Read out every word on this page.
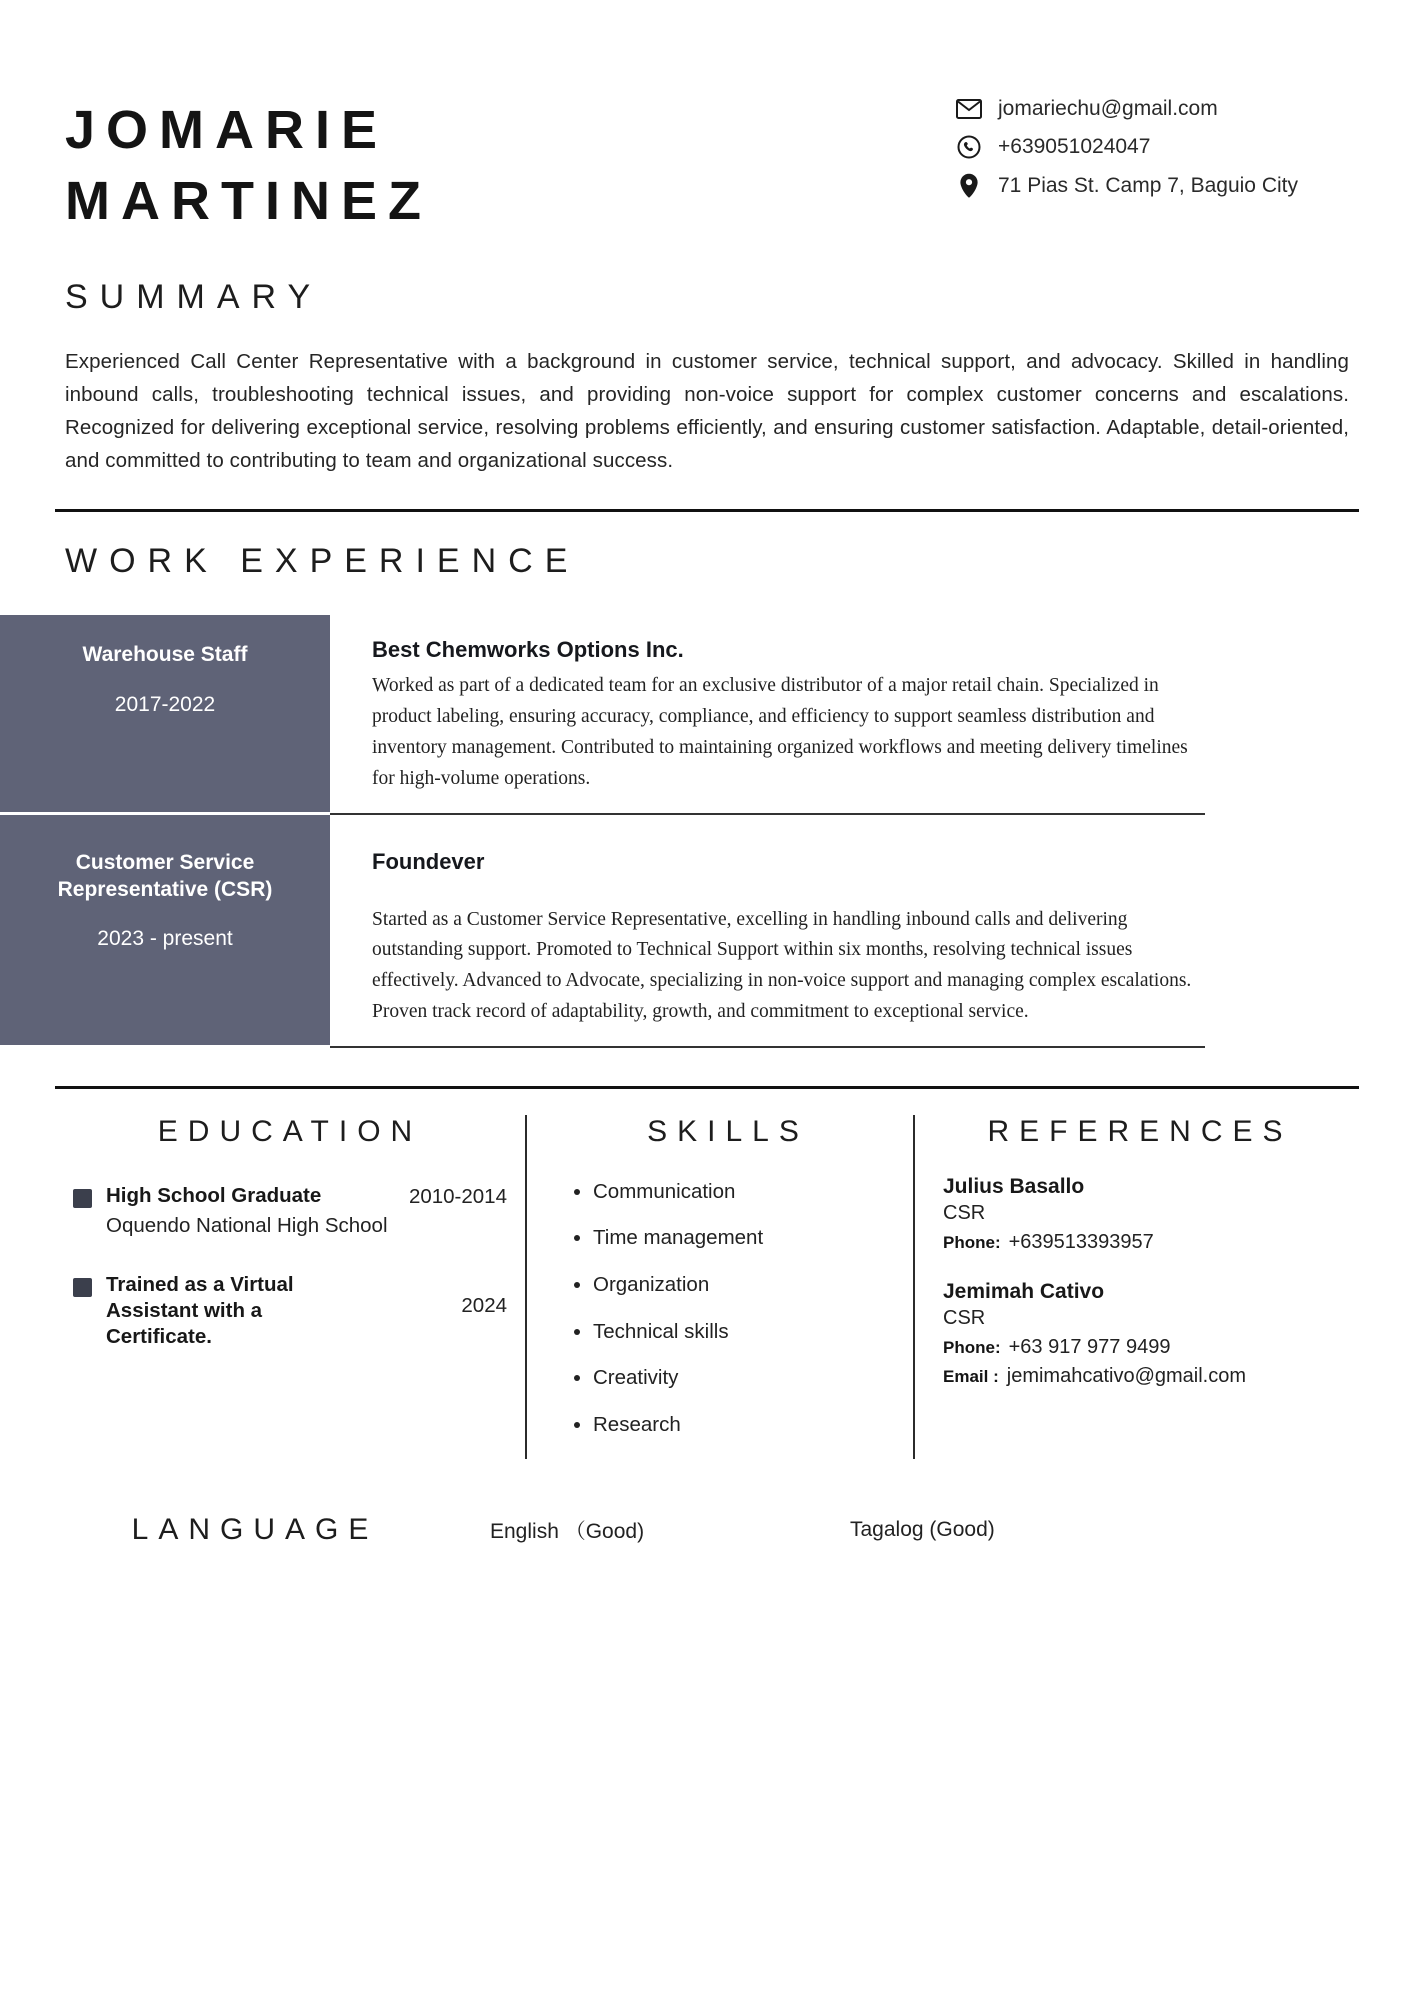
JOMARIE
MARTINEZ
jomariechu@gmail.com
+639051024047
71 Pias St. Camp 7, Baguio City
SUMMARY
Experienced Call Center Representative with a background in customer service, technical support, and advocacy. Skilled in handling inbound calls, troubleshooting technical issues, and providing non-voice support for complex customer concerns and escalations. Recognized for delivering exceptional service, resolving problems efficiently, and ensuring customer satisfaction. Adaptable, detail-oriented, and committed to contributing to team and organizational success.
WORK EXPERIENCE
Warehouse Staff
2017-2022
Best Chemworks Options Inc.
Worked as part of a dedicated team for an exclusive distributor of a major retail chain. Specialized in product labeling, ensuring accuracy, compliance, and efficiency to support seamless distribution and inventory management. Contributed to maintaining organized workflows and meeting delivery timelines for high-volume operations.
Customer Service Representative (CSR)
2023 - present
Foundever
Started as a Customer Service Representative, excelling in handling inbound calls and delivering outstanding support. Promoted to Technical Support within six months, resolving technical issues effectively. Advanced to Advocate, specializing in non-voice support and managing complex escalations. Proven track record of adaptability, growth, and commitment to exceptional service.
EDUCATION
High School Graduate	2010-2014
Oquendo National High School
Trained as a Virtual Assistant with a Certificate.
2024
SKILLS
• Communication
• Time management
• Organization
• Technical skills
• Creativity
• Research
REFERENCES
Julius Basallo
CSR
Phone: +639513393957
Jemimah Cativo
CSR
Phone: +63 917 977 9499
Email : jemimahcativo@gmail.com
LANGUAGE	English （Good)	Tagalog (Good)
